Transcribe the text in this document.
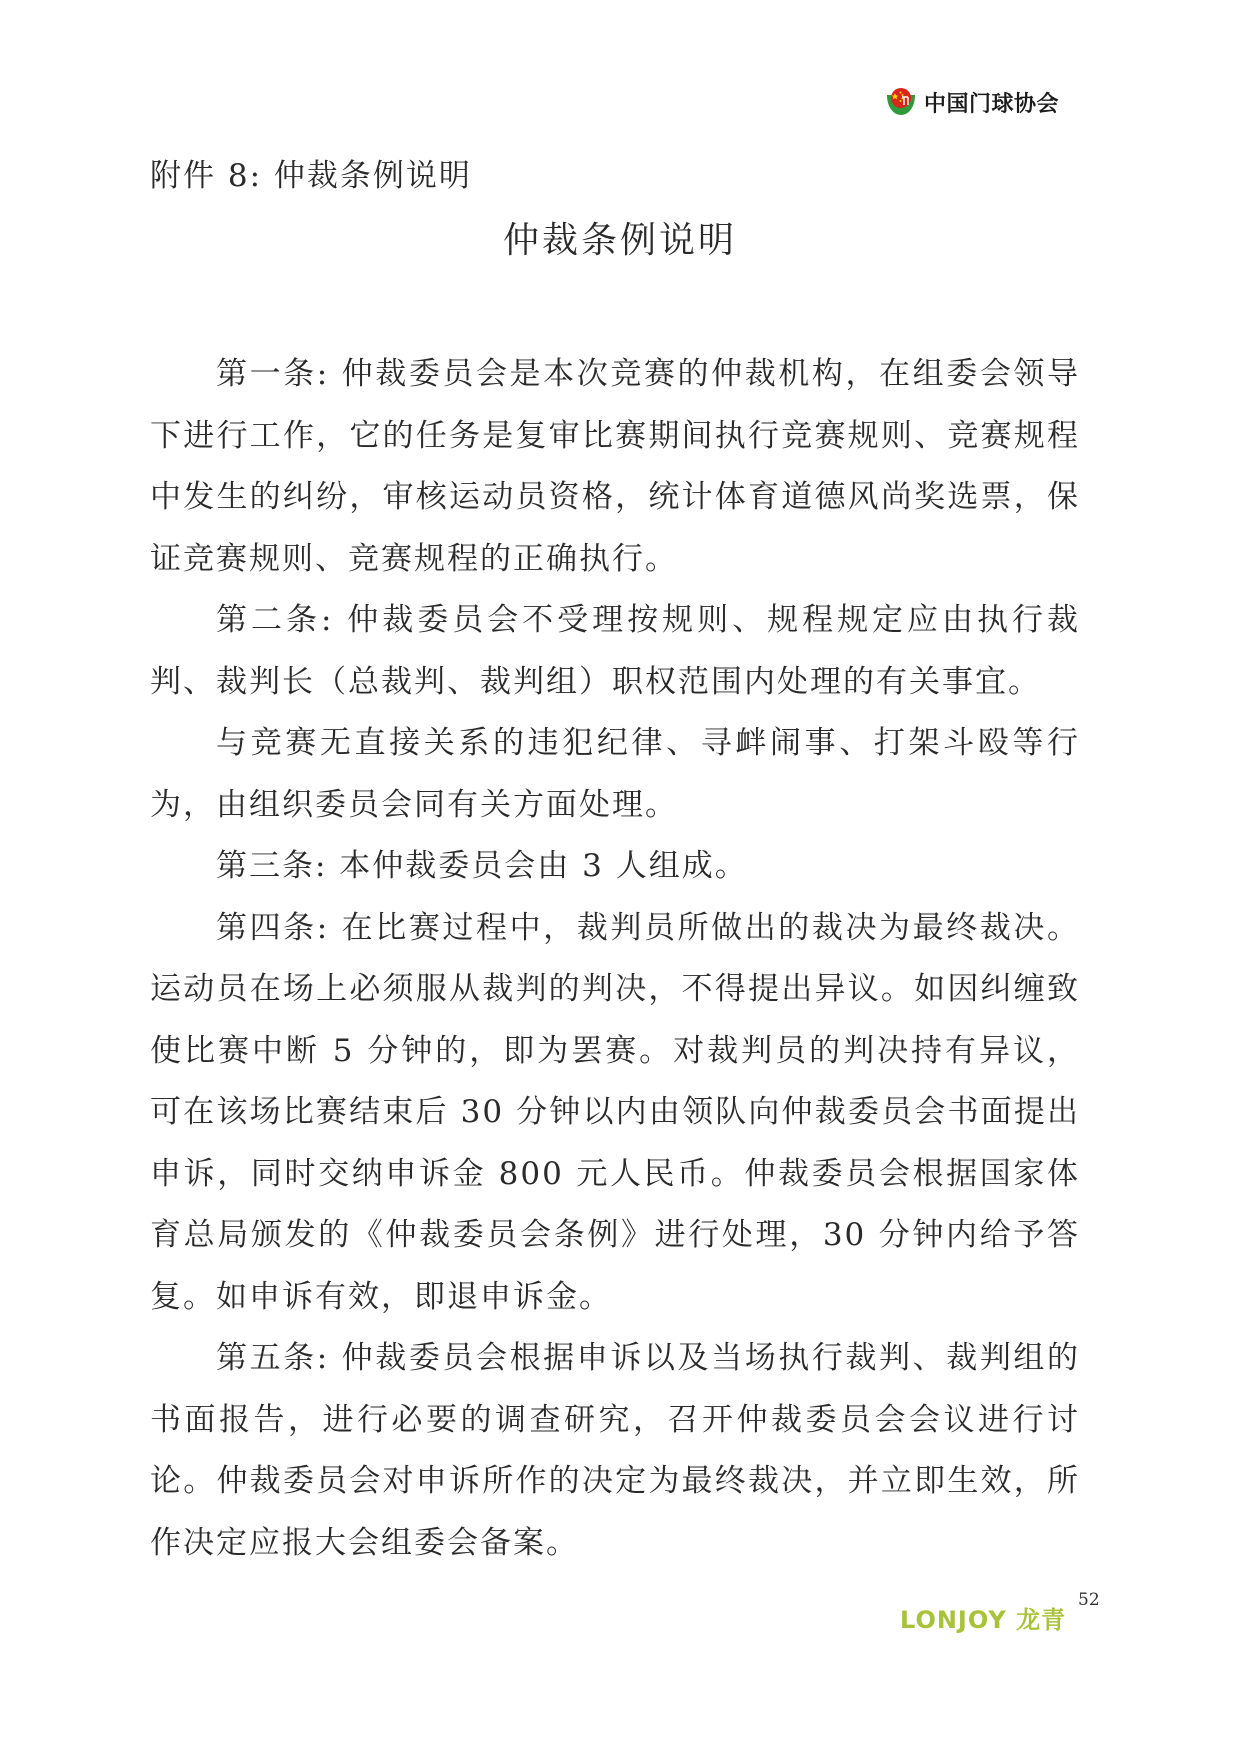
中国门球协会
附件 8: 仲裁条例说明
仲裁条例说明

第一条: 仲裁委员会是本次竞赛的仲裁机构，在组委会领导下进行工作，它的任务是复审比赛期间执行竞赛规则、竞赛规程中发生的纠纷，审核运动员资格，统计体育道德风尚奖选票，保证竞赛规则、竞赛规程的正确执行。

第二条: 仲裁委员会不受理按规则、规程规定应由执行裁判、裁判长（总裁判、裁判组）职权范围内处理的有关事宜。

与竞赛无直接关系的违犯纪律、寻衅闹事、打架斗殴等行为，由组织委员会同有关方面处理。

第三条: 本仲裁委员会由 3 人组成。

第四条: 在比赛过程中，裁判员所做出的裁决为最终裁决。运动员在场上必须服从裁判的判决，不得提出异议。如因纠缠致使比赛中断 5 分钟的，即为罢赛。对裁判员的判决持有异议，可在该场比赛结束后 30 分钟以内由领队向仲裁委员会书面提出申诉，同时交纳申诉金 800 元人民币。仲裁委员会根据国家体育总局颁发的《仲裁委员会条例》进行处理，30 分钟内给予答复。如申诉有效，即退申诉金。

第五条: 仲裁委员会根据申诉以及当场执行裁判、裁判组的书面报告，进行必要的调查研究，召开仲裁委员会会议进行讨论。仲裁委员会对申诉所作的决定为最终裁决，并立即生效，所作决定应报大会组委会备案。

LONJOY 龙青
52
